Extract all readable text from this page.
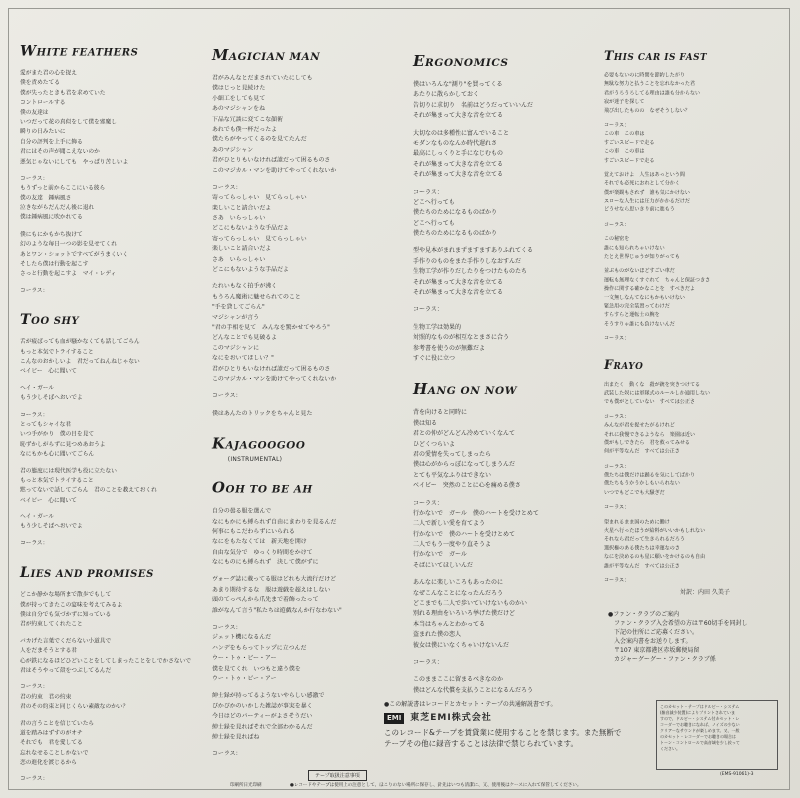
WHITE FEATHERS
愛がまた君の心を捉え
僕を責めたてる
僕が失ったときも君を求めていた
コントロールする
僕の友達は
いつだって花の真似をして僕を邪魔し
瞬りの日みたいに
自分の評判を上手に飾る
君にはその声が聞こえないのか
悪気じゃないにしても　やっぱり苦しいよ
コーラス：
もうずっと前からここにいる彼ら
僕の友達　鍾病風さ
泣きながらだんだん後に退れ
僕は鍾病風に吹かれてる
僕にもにかもかち抜けて
幻のような毎日一つの影を見せてくれ
あとワン・ショットですべてがうまくいく
そしたら僕は行動を起こす
さっと行動を起こすよ　マイ・レディ
コーラス：
TOO SHY
舌が疲ばっても血が騒かなくても話してごらん
もっと本気でトライすること
こんなのおかしいよ　君だってねんねじゃない
ベイビー　心に聞いて
ヘイ・ガール
もう少しそばへおいでよ
コーラス：
とってもシャイな君
いつ手がかり　僕の目を見て
恥ずかしがらずに見つめあおうよ
なにもかも心に聞いてごらん
君の態度には現代医学も役に立たない
もっと本気でトライすること
黙ってないで話してごらん　君のことを教えておくれ
ベイビー　心に聞いて
ヘイ・ガール
もう少しそばへおいでよ
コーラス：
LIES AND PROMISES
どこか静かな場所まで散歩でもして
僕が持ってきたこの宴味を考えてみるよ
僕は自分でも気づかずに知っている
君が約束してくれたこと
バカげた言葉でくだらない小道具で
人をだまそうとする君
心が鉄になるほどひどいことをしてしまったことをしでかさないで
君はそうやって殻をつぶしてるんだ
コーラス：
君の約束　君の約束
君のその約束と同じくらい素敵なのかい？
君の言うことを信じていたら
道を踏みはずすのがオチ
それでも　君を愛してる
忘れなせることしかないで
恋の進化を渡じるから
コーラス：
MAGICIAN MAN
君がみんなとだまされていたにしても
僕はじっと見続けた
小細工をしても見て
あのマジシャンをね
下品な冗談に変てこな顔術
あれでも僕一杯だったよ
僕たちがやってくるのを見てたんだ
あのマジシャン
君がひとりもいなければ誰だって困るものさ
このマジカル・マンを助けてやってくれないか
コーラス：
寄ってらっしゃい　見てらっしゃい
楽しいこと請合いだよ
さあ　いらっしゃい
どこにもないような手品だよ
寄ってらっしゃい　見てらっしゃい
楽しいこと請合いだよ
さあ　いらっしゃい
どこにもないような手品だよ
たれいもなく拍手が沸く
もうろん魔術に魅せられてのこと
"手を貸してごらん"
マジシャンが言う
"君の手相を見て　みんなを驚かせてやろう"
どんなことでも見破るよ
このマジシャンに
なにをおいてほしい？"
君がひとりもいなければ誰だって困るものさ
このマジカル・マンを助けてやってくれないか
コーラス：
僕はあんたのトリックをちゃんと見た
KAJAGOOGOO
(INSTRUMENTAL)
OOH TO BE AH
自分の曇る服を選んで
なにもかにも縛られず自由にまわりを見るんだ
何事にもこだわらずにいられる
なにをもたなくては　新天地を開け
自由な気分で　ゆっくり時間をかけて
なにものにも縛られず　決して僕がずに
ヴォーグ誌に載ってる服はどれも大流行だけど
あまり期待するな　服は遊戯を超えはしない
頭のてっぺんから爪先まで着飾ったって
誰がなんて言う"私たちは遊戯なんか行なわない"
コーラス：
ジェット機になるんだ
ハンデをもらってトップに立つんだ
ウー・トゥ・ビー・アー
僕を見てくれ　いつもと違う僕を
ウー・トゥ・ビー・アー
紳士録が持ってるようないやらしい感激で
ぴかぴかのいかした雑誌が事実を暴く
今日はどのパーティーがよさそうだい
紳士録を見ればそれで全部わかるんだ
紳士録を見ればね
コーラス：
ERGONOMICS
僕はいろんな"測り"を買ってくる
あたりに散らかしておく
告切りに求切り　名前はどうだっていいんだ
それが集まって大きな音を立てる
大切なのは多種性に富んでいること
モダンなものなんか時代遅れさ
最高にしっくりと手になじむもの
それが集まって大きな音を立てる
それが集まって大きな音を立てる
コーラス：
どこへ行っても
僕たちのためになるものばかり
どこへ行っても
僕たちのためになるものばかり
型や見本がまれまずますますありふれてくる
手作りのものをまた手作りしなおすんだ
生物工学が作りだしたりをつけたものたち
それが集まって大きな音を立てる
それが集まって大きな音を立てる
コーラス：
生物工学は効果的
対照的なものが相互なとまさに合う
参考書を使うのが無難だよ
すぐに役に立つ
HANG ON NOW
背を向けると同時に
僕は知る
君との仲がどんどん冷めていくなんて
ひどくつらいよ
君の愛情を失ってしまったら
僕は心がからっぽになってしまうんだ
とても平気なふりはできない
ベイビー　突然のことに心を痛める僕さ
コーラス：
行かないで　ガール　僕のハートを受けとめて
二人で新しい愛を育てよう
行かないで　僕のハートを受けとめて
二人でもう一度やり直そうよ
行かないで　ガール
そばにいてほしいんだ
あんなに楽しいころもあったのに
なぜこんなことになったんだろう
どこまでも二人で歩いていけないものかい
別れる理由をいろいろ挙げた僕だけど
本当はちゃんとわかってる
盗まれた僕の恋人
彼女は僕にいなくちゃいけないんだ
コーラス：
このままここに留まるべきなのか
僕はどんな代償を支払うことになるんだろう
THIS CAR IS FAST
必要もないのに時間を節約したがり
無駄な努力と払うことを忘れなかった君
君がうろうろしてる理由は誰も分からない
寂が迷子を探して
飛び出したものの　なぜそうしない？
コーラス：
この車　この車は
すごいスピードで走る
この車　この車は
すごいスピードで走る
覚えておけよ　人生はあっという間
それでも必死におれとして分かく
僕が楽観もされず　誰も気にかけない
スローな人生には圧力がかかるだけだ
どうせなら思いきり前に進もう
コーラス：
この秘密を
誰にも知られちゃいけない
たとえ世界じゅうが知りがっても
並ぶものがないほどすごい車だ
運転も無理なくすぐれて　ちゃんと保証つきさ
操作に関する確かなことを　すべきだよ
一文無しなんてなにもかもいけない
緊急用の完全装置ってわけだ
すらすらと運転士の腕を
そうすりゃ誰にも負けないんだ
コーラス：
FRAYO
出またく　動くな　殺が銃を突きつけてる
武装した奴には軍隊式のルールしか通用しない
でも僕がとしていない　すべては公正さ
コーラス：
みんなが君を捉せたがるけれど
それに我慢できるようなら　楽園は近い
僕がもしできたら　君を救ってみせる
何が平等なんだ　すべては公正さ
コーラス：
僕たちは僕だけは踊るを気にしてばかり
僕たちもうかうかしもいられない
いつでもどこでも大騒ぎだ
コーラス：
望まれるまま国のために働け
火星へ行ったほうが給料がいいかもしれない
それなら君だって生きられるだろう
選択権のある僕たちは幸運なのさ
なにを決めるのも星に願いをかけるのも自由
誰が平等なんだ　すべては公正さ
コーラス：
対訳：内田 久美子
●ファン・クラブのご案内
ファン・クラブ入会希望の方は〒60切手を同封し
下記の住所にご応募ください。
入会案内書をお送りします。
〒107 東京都港区赤坂郵便局留
カジャーグーグー・ファン・クラブ係
●この解説書はレコードとカセット・テープの共通解説書です。
EMI 東芝EMI株式会社
このレコード&テープを賃貸業に使用することを禁じます。また無断で
テープその他に録音することは法律で禁じられています。
テープ取扱注意事項
このカセット・テープはドルビー・システム
(雑音減少装置)によりプリントされていま
すので、ドルビー・システム付カセット・レ
コーダーでお聴きになれば、ノイズの少ない
クリアーなサウンドが楽しめます。又、一般
のカセット・レコーダーでお聴きの場合は
トーン・コントロールで高音域を少し絞って
ください。
印刷所日光印刷	●レコードやテープは使用上の注意として、ほこりのない場所に保存し、針先はいつも清潔に、又、使用後はケースに入れて保管してください。
(EMS-91061)-3
